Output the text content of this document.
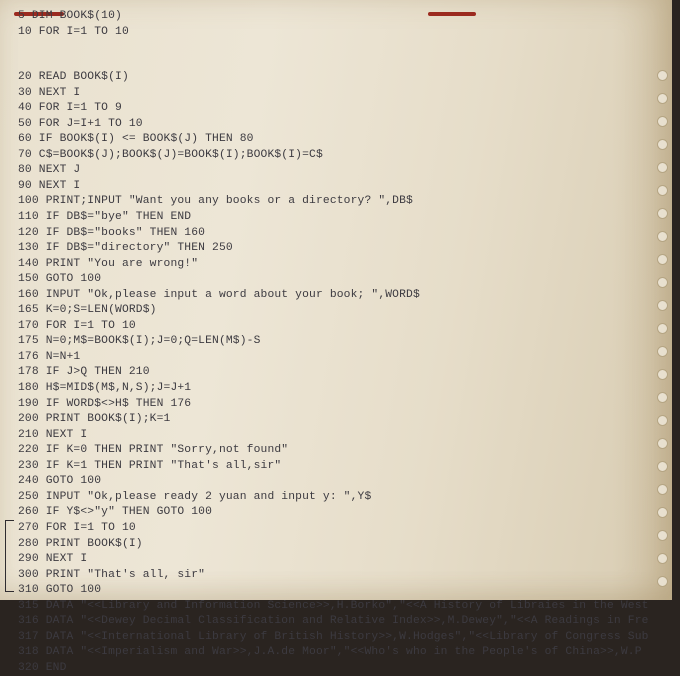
5 DIM BOOK$(10)
10 FOR I=1 TO 10
20 READ BOOK$(I)
30 NEXT I
40 FOR I=1 TO 9
50 FOR J=I+1 TO 10
60 IF BOOK$(I) <= BOOK$(J) THEN 80
70 C$=BOOK$(J);BOOK$(J)=BOOK$(I);BOOK$(I)=C$
80 NEXT J
90 NEXT I
100 PRINT;INPUT "Want you any books or a directory? ",DB$
110 IF DB$="bye" THEN END
120 IF DB$="books" THEN 160
130 IF DB$="directory" THEN 250
140 PRINT "You are wrong!"
150 GOTO 100
160 INPUT "Ok,please input a word about your book; ",WORD$
165 K=0;S=LEN(WORD$)
170 FOR I=1 TO 10
175 N=0;M$=BOOK$(I);J=0;Q=LEN(M$)-S
176 N=N+1
178 IF J>Q THEN 210
180 H$=MID$(M$,N,S);J=J+1
190 IF WORD$<>H$ THEN 176
200 PRINT BOOK$(I);K=1
210 NEXT I
220 IF K=0 THEN PRINT "Sorry,not found"
230 IF K=1 THEN PRINT "That's all,sir"
240 GOTO 100
250 INPUT "Ok,please ready 2 yuan and input y: ",Y$
260 IF Y$<>"y" THEN GOTO 100
270 FOR I=1 TO 10
280 PRINT BOOK$(I)
290 NEXT I
300 PRINT "That's all, sir"
310 GOTO 100
315 DATA "<<Library and Information Science>>,H.Borko","<<A History of Libraies in the West
316 DATA "<<Dewey Decimal Classification and Relative Index>>,M.Dewey","<<A Readings in Fre
317 DATA "<<International Library of British History>>,W.Hodges","<<Library of Congress Sub
318 DATA "<<Imperialism and War>>,J.A.de Moor","<<Who's who in the People's of China>>,W.P
320 END
